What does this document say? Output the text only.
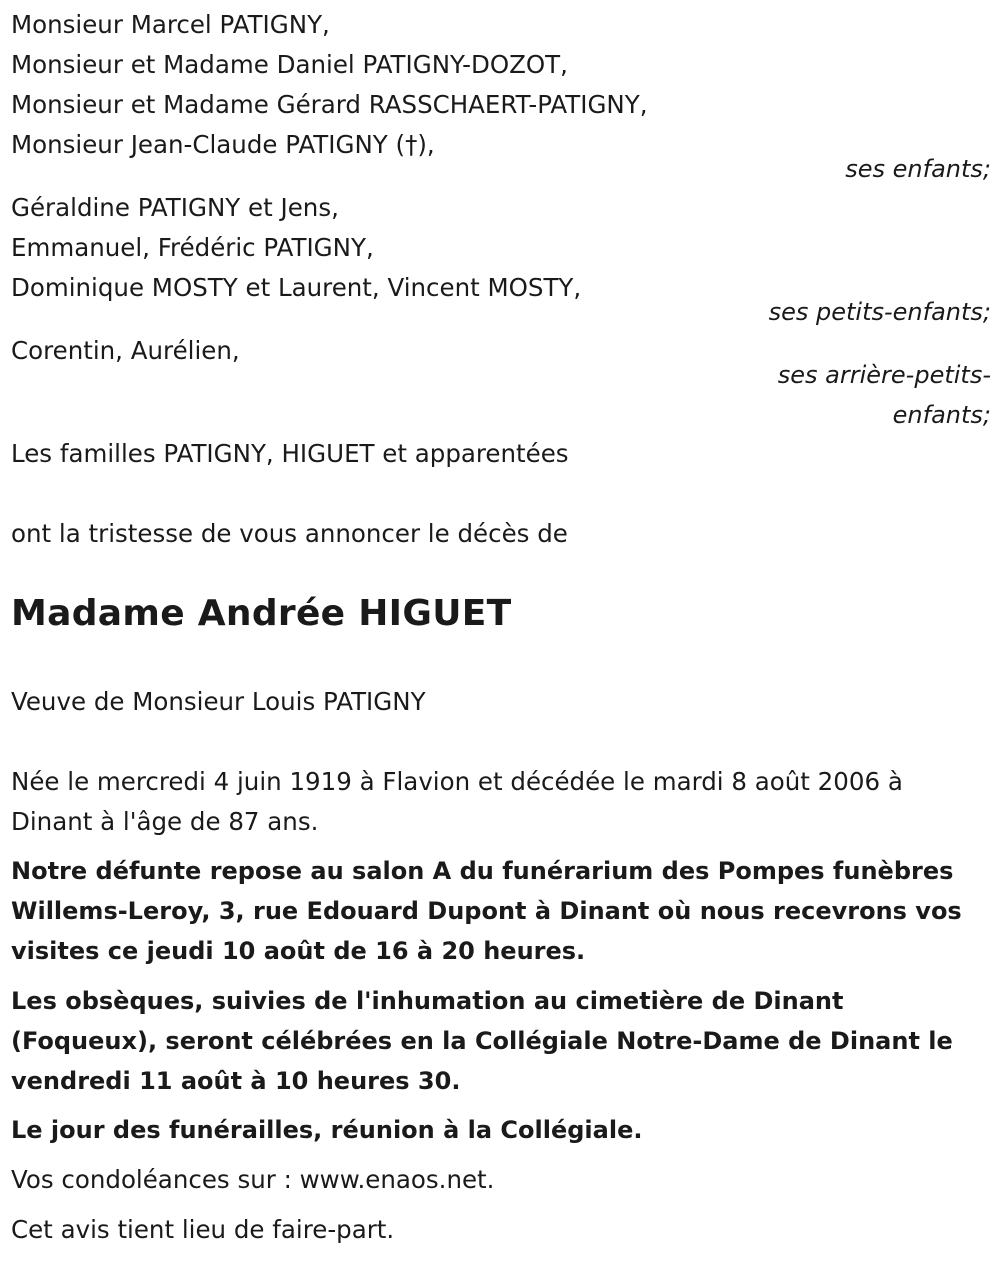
Monsieur Marcel PATIGNY,
Monsieur et Madame Daniel PATIGNY-DOZOT,
Monsieur et Madame Gérard RASSCHAERT-PATIGNY,
Monsieur Jean-Claude PATIGNY (†),
ses enfants;
Géraldine PATIGNY et Jens,
Emmanuel, Frédéric PATIGNY,
Dominique MOSTY et Laurent, Vincent MOSTY,
ses petits-enfants;
Corentin, Aurélien,
ses arrière-petits-
enfants;
Les familles PATIGNY, HIGUET et apparentées
ont la tristesse de vous annoncer le décès de
Madame Andrée HIGUET
Veuve de Monsieur Louis PATIGNY
Née le mercredi 4 juin 1919 à Flavion et décédée le mardi 8 août 2006 à Dinant à l'âge de 87 ans.
Notre défunte repose au salon A du funérarium des Pompes funèbres Willems-Leroy, 3, rue Edouard Dupont à Dinant où nous recevrons vos visites ce jeudi 10 août de 16 à 20 heures.
Les obsèques, suivies de l'inhumation au cimetière de Dinant (Foqueux), seront célébrées en la Collégiale Notre-Dame de Dinant le vendredi 11 août à 10 heures 30.
Le jour des funérailles, réunion à la Collégiale.
Vos condoléances sur : www.enaos.net.
Cet avis tient lieu de faire-part.
